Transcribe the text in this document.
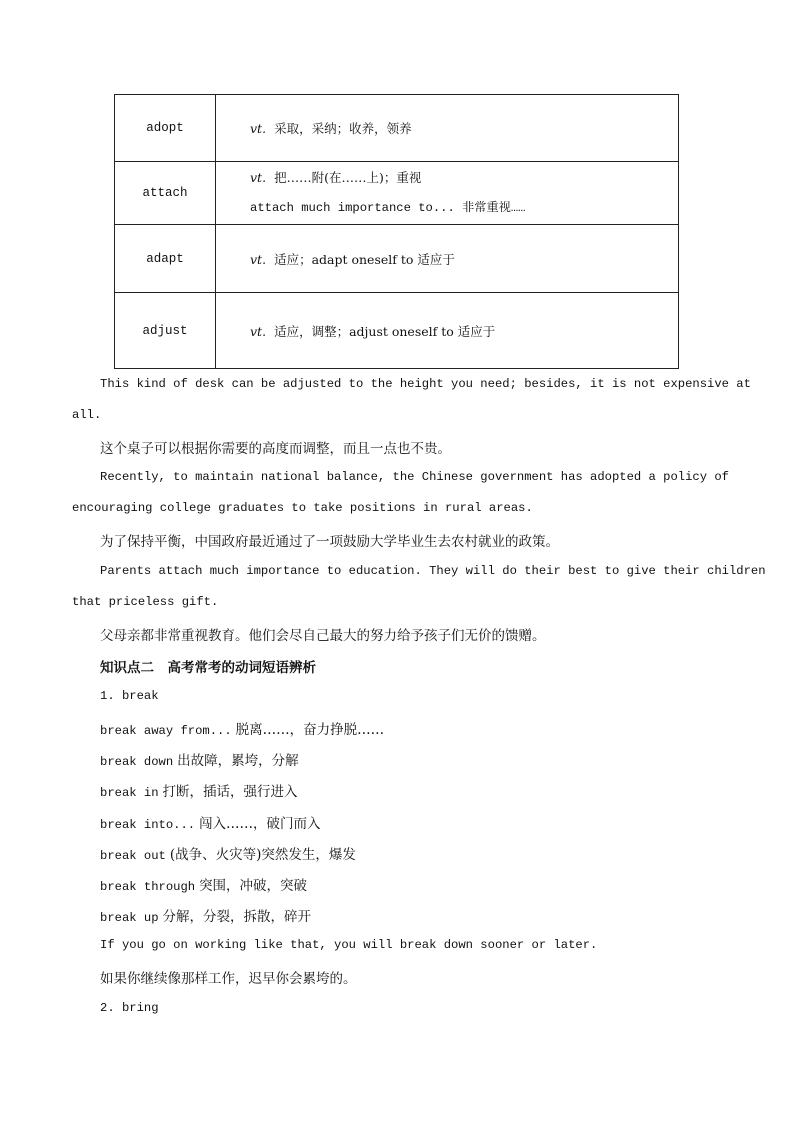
adopt	vt. 采取，采纳；收养，领养
attach	vt. 把……附(在……上)；重视
attach much importance to... 非常重视……

adapt	vt. 适应；adapt oneself to 适应于
adjust	vt. 适应，调整；adjust oneself to 适应于
This kind of desk can be adjusted to the height you need; besides, it is not expensive at
all.
这个桌子可以根据你需要的高度而调整，而且一点也不贵。
Recently, to maintain national balance, the Chinese government has adopted a policy of
encouraging college graduates to take positions in rural areas.
为了保持平衡，中国政府最近通过了一项鼓励大学毕业生去农村就业的政策。
Parents attach much importance to education. They will do their best to give their children
that priceless gift.
父母亲都非常重视教育。他们会尽自己最大的努力给予孩子们无价的馈赠。
知识点二　高考常考的动词短语辨析
1. break
break away from... 脱离……，奋力挣脱……
break down 出故障，累垮，分解
break in 打断，插话，强行进入
break into... 闯入……，破门而入
break out (战争、火灾等)突然发生，爆发
break through 突围，冲破，突破
break up 分解，分裂，拆散，碎开
If you go on working like that, you will break down sooner or later.
如果你继续像那样工作，迟早你会累垮的。
2. bring
